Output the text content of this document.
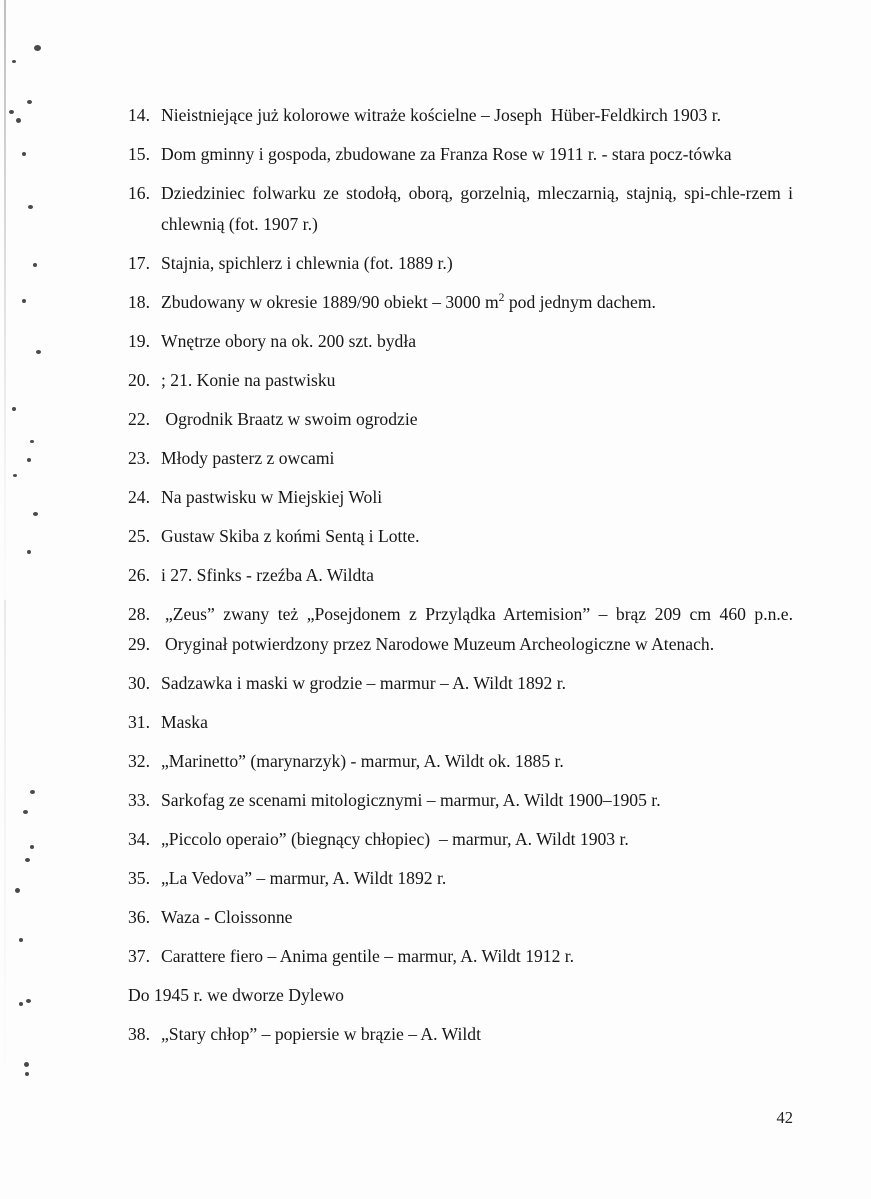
14. Nieistniejące już kolorowe witraże kościelne – Joseph  Hüber-Feldkirch 1903 r.
15. Dom gminny i gospoda, zbudowane za Franza Rose w 1911 r. - stara pocz-tówka
16. Dziedziniec folwarku ze stodołą, oborą, gorzelnią, mleczarnią, stajnią, spi-chle-rzem i chlewnią (fot. 1907 r.)
17. Stajnia, spichlerz i chlewnia (fot. 1889 r.)
18. Zbudowany w okresie 1889/90 obiekt – 3000 $m^2$ pod jednym dachem.
19. Wnętrze obory na ok. 200 szt. bydła
20. ; 21. Konie na pastwisku
22. Ogrodnik Braatz w swoim ogrodzie
23. Młody pasterz z owcami
24. Na pastwisku w Miejskiej Woli
25. Gustaw Skiba z końmi Sentą i Lotte.
26. i 27. Sfinks - rzeźba A. Wildta
28. 29.
„Zeus” zwany też „Posejdonem z Przylądka Artemision” – brąz 209 cm 460 p.n.e. Oryginał potwierdzony przez Narodowe Muzeum Archeologiczne w Atenach.
30. Sadzawka i maski w grodzie – marmur – A. Wildt 1892 r.
31. Maska
32. „Marinetto” (marynarzyk) - marmur, A. Wildt ok. 1885 r.
33. Sarkofag ze scenami mitologicznymi – marmur, A. Wildt 1900–1905 r.
34. „Piccolo operaio” (biegnący chłopiec)  – marmur, A. Wildt 1903 r.
35. „La Vedova” – marmur, A. Wildt 1892 r.
36. Waza - Cloissonne
37. Carattere fiero – Anima gentile – marmur, A. Wildt 1912 r.
Do 1945 r. we dworze Dylewo
38. „Stary chłop” – popiersie w brązie – A. Wildt
42
